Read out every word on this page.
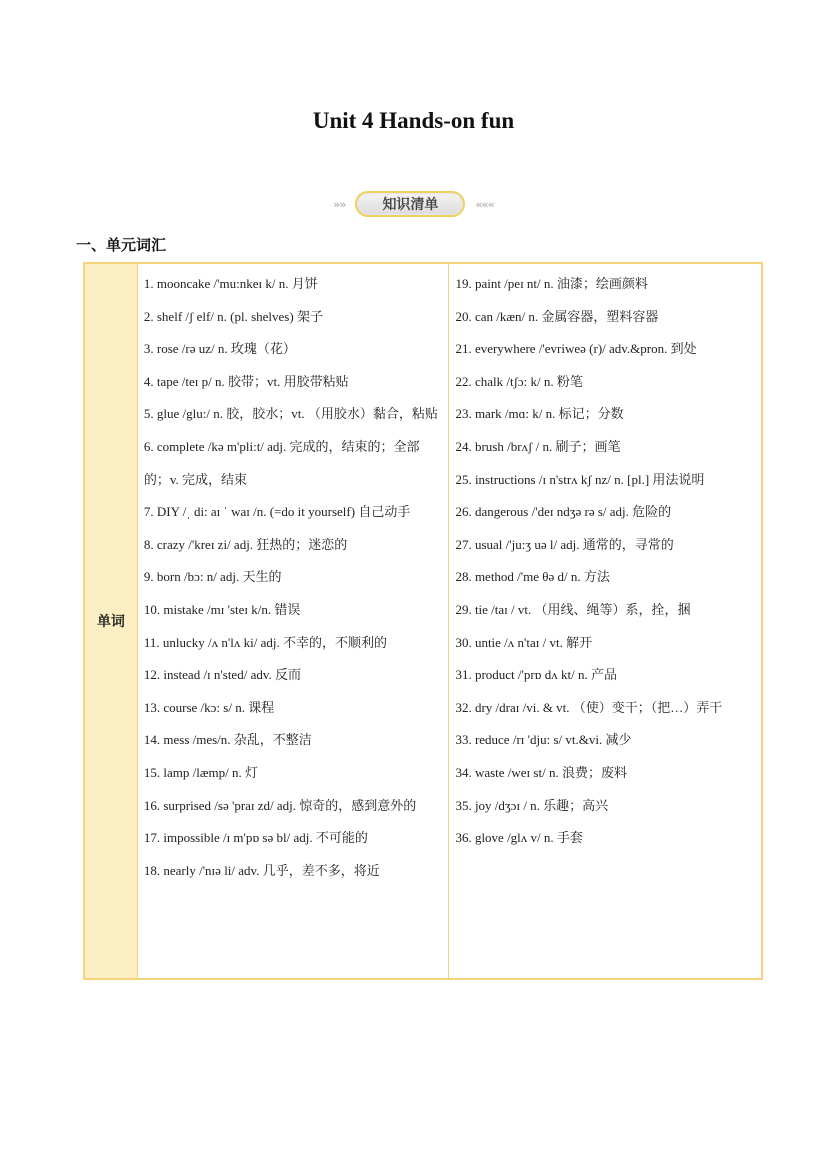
Unit 4 Hands-on fun
»»	知识清单	«««
一、单元词汇
单词
1. mooncake /'mu:nkeɪ k/ n. 月饼
2. shelf /ʃ elf/ n. (pl. shelves) 架子
3. rose /rə uz/ n. 玫瑰（花）
4. tape /teɪ p/ n. 胶带；vt. 用胶带粘贴
5. glue /glu:/ n. 胶，胶水；vt. （用胶水）黏合，粘贴
6. complete /kə m'pli:t/ adj. 完成的，结束的；全部的；v. 完成，结束
7. DIY /ˌ di: aɪ ˈ waɪ /n. (=do it yourself) 自己动手
8. crazy /'kreɪ zi/ adj. 狂热的；迷恋的
9. born /bɔ: n/ adj. 天生的
10. mistake /mɪ 'steɪ k/n. 错误
11. unlucky /ʌ n'lʌ ki/ adj. 不幸的，不顺利的
12. instead /ɪ n'sted/ adv. 反而
13. course /kɔ: s/ n. 课程
14. mess /mes/n. 杂乱，不整洁
15. lamp /læmp/ n. 灯
16. surprised /sə 'praɪ zd/ adj. 惊奇的，感到意外的
17. impossible /ɪ m'pɒ sə bl/ adj. 不可能的
18. nearly /'nɪə li/ adv. 几乎，差不多，将近
19. paint /peɪ nt/ n. 油漆；绘画颜料
20. can /kæn/ n. 金属容器，塑料容器
21. everywhere /'evriweə (r)/ adv.&pron. 到处
22. chalk /tʃɔ: k/ n. 粉笔
23. mark /mɑ: k/ n. 标记；分数
24. brush /brʌʃ / n. 刷子；画笔
25. instructions /ɪ n'strʌ kʃ nz/ n. [pl.] 用法说明
26. dangerous /'deɪ ndʒə rə s/ adj. 危险的
27. usual /'ju:ʒ uə l/ adj. 通常的，寻常的
28. method /'me θə d/ n. 方法
29. tie /taɪ / vt. （用线、绳等）系，拴，捆
30. untie /ʌ n'taɪ / vt. 解开
31. product /'prɒ dʌ kt/ n. 产品
32. dry /draɪ /vi. & vt. （使）变干；（把…）弄干
33. reduce /rɪ 'dju: s/ vt.&vi. 减少
34. waste /weɪ st/ n. 浪费；废料
35. joy /dʒɔɪ / n. 乐趣；高兴
36. glove /glʌ v/ n. 手套
